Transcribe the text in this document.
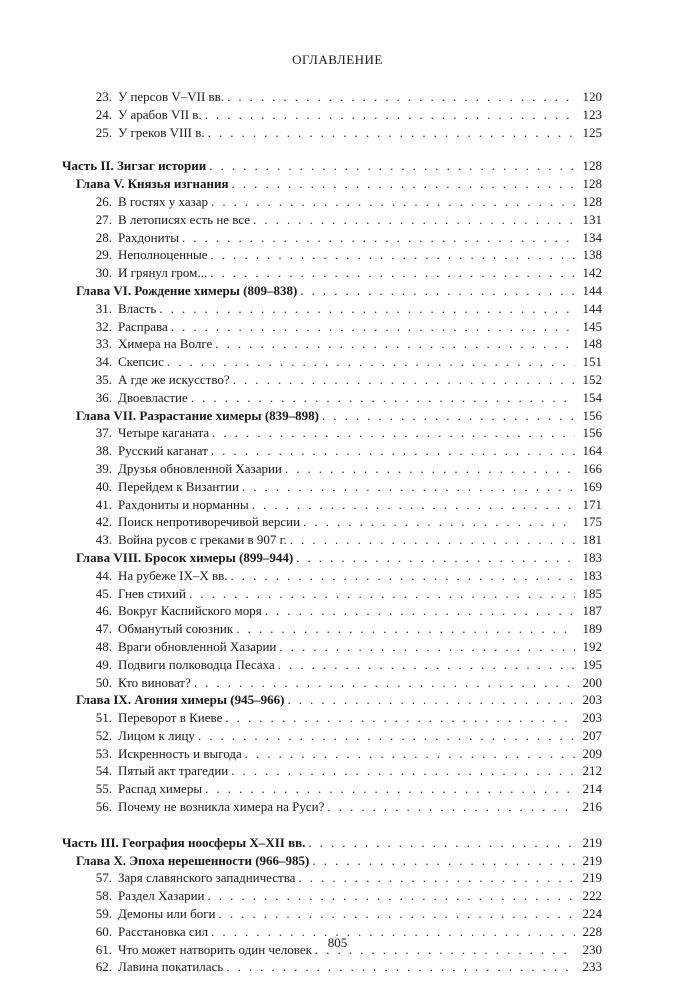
ОГЛАВЛЕНИЕ
23. У персов V–VII вв. . . .	120
24. У арабов VII в. . . .	123
25. У греков VIII в. . . .	125
Часть II. Зигзаг истории . . .	128
Глава V. Князья изгнания . . .	128
26. В гостях у хазар . . .	128
27. В летописях есть не все . . .	131
28. Рахдониты . . .	134
29. Неполноценные . . .	138
30. И грянул гром... . . .	142
Глава VI. Рождение химеры (809–838) . . .	144
31. Власть . . .	144
32. Расправа . . .	145
33. Химера на Волге . . .	148
34. Скепсис . . .	151
35. А где же искусство? . . .	152
36. Двоевластие . . .	154
Глава VII. Разрастание химеры (839–898) . . .	156
37. Четыре каганата . . .	156
38. Русский каганат . . .	164
39. Друзья обновленной Хазарии . . .	166
40. Перейдем к Византии . . .	169
41. Рахдониты и норманны . . .	171
42. Поиск непротиворечивой версии . . .	175
43. Война русов с греками в 907 г. . . .	181
Глава VIII. Бросок химеры (899–944) . . .	183
44. На рубеже IX–X вв. . . .	183
45. Гнев стихий . . .	185
46. Вокруг Каспийского моря . . .	187
47. Обманутый союзник . . .	189
48. Враги обновленной Хазарии . . .	192
49. Подвиги полководца Песаха . . .	195
50. Кто виноват? . . .	200
Глава IX. Агония химеры (945–966) . . .	203
51. Переворот в Киеве . . .	203
52. Лицом к лицу . . .	207
53. Искренность и выгода . . .	209
54. Пятый акт трагедии . . .	212
55. Распад химеры . . .	214
56. Почему не возникла химера на Руси? . . .	216
Часть III. География ноосферы X–XII вв. . . .	219
Глава X. Эпоха нерешенности (966–985) . . .	219
57. Заря славянского западничества . . .	219
58. Раздел Хазарии . . .	222
59. Демоны или боги . . .	224
60. Расстановка сил . . .	228
61. Что может натворить один человек . . .	230
62. Лавина покатилась . . .	233
805
